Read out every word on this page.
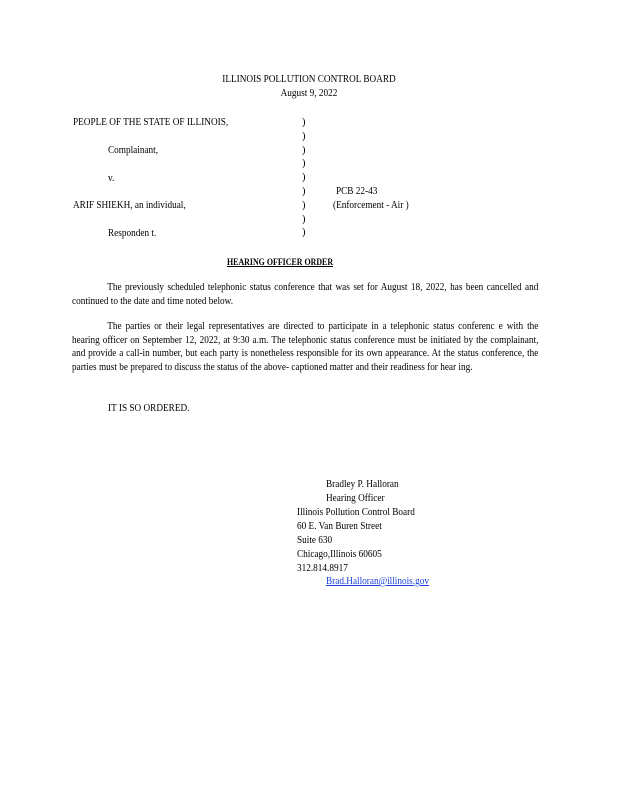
ILLINOIS POLLUTION CONTROL BOARD
August 9, 2022
PEOPLE OF THE STATE OF ILLINOIS,
Complainant,
v.
ARIF SHIEKH, an individual,
Responden t.
)
)
)
)
)
)
)
)
)
PCB 22-43
(Enforcement - Air )
HEARING OFFICER ORDER
The previously scheduled telephonic status conference that was set for August 18, 2022, has been cancelled and continued to the date and time noted below.
The parties or their legal representatives are directed to participate in a telephonic status conferenc e with the hearing officer on September 12, 2022, at 9:30 a.m. The telephonic status conference must be initiated by the complainant, and provide a call-in number, but each party is nonetheless responsible for its own appearance. At the status conference, the parties must be prepared to discuss the status of the above- captioned matter and their readiness for hear ing.
IT IS SO ORDERED.
Bradley P. Halloran
Hearing Officer
Illinois Pollution Control Board
60 E. Van Buren Street
Suite 630
Chicago,Illinois 60605
312.814.8917
Brad.Halloran@illinois.gov
